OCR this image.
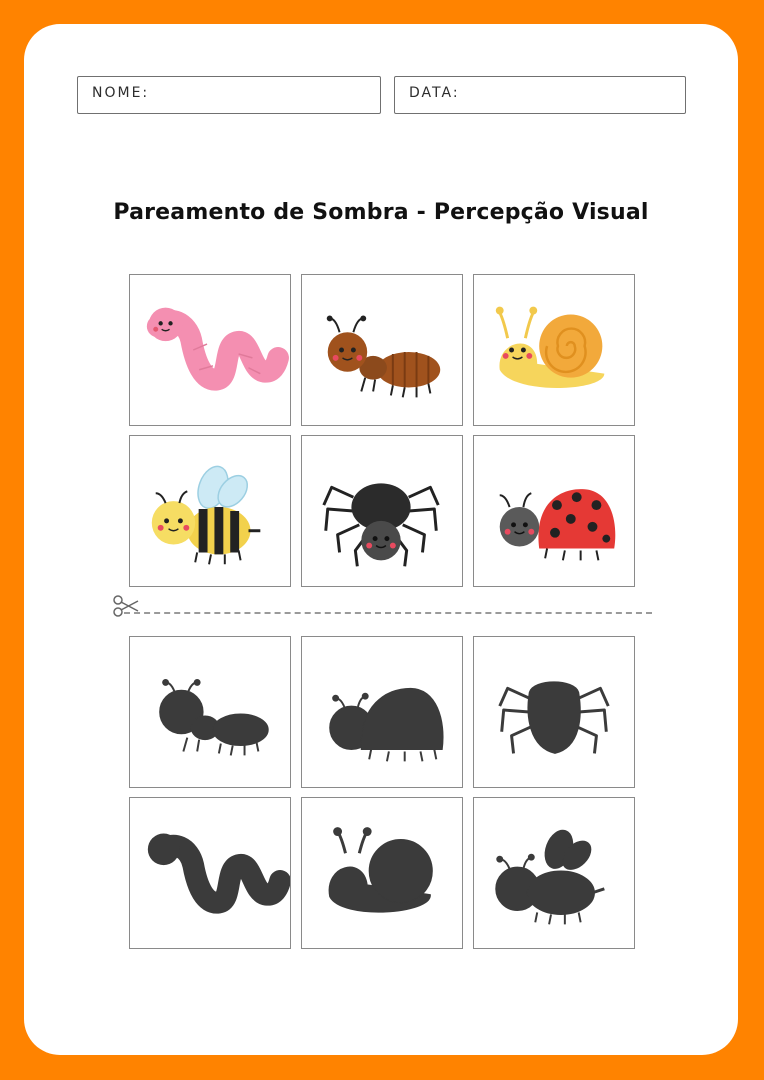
NOME:	DATA:
Pareamento de Sombra - Percepção Visual
